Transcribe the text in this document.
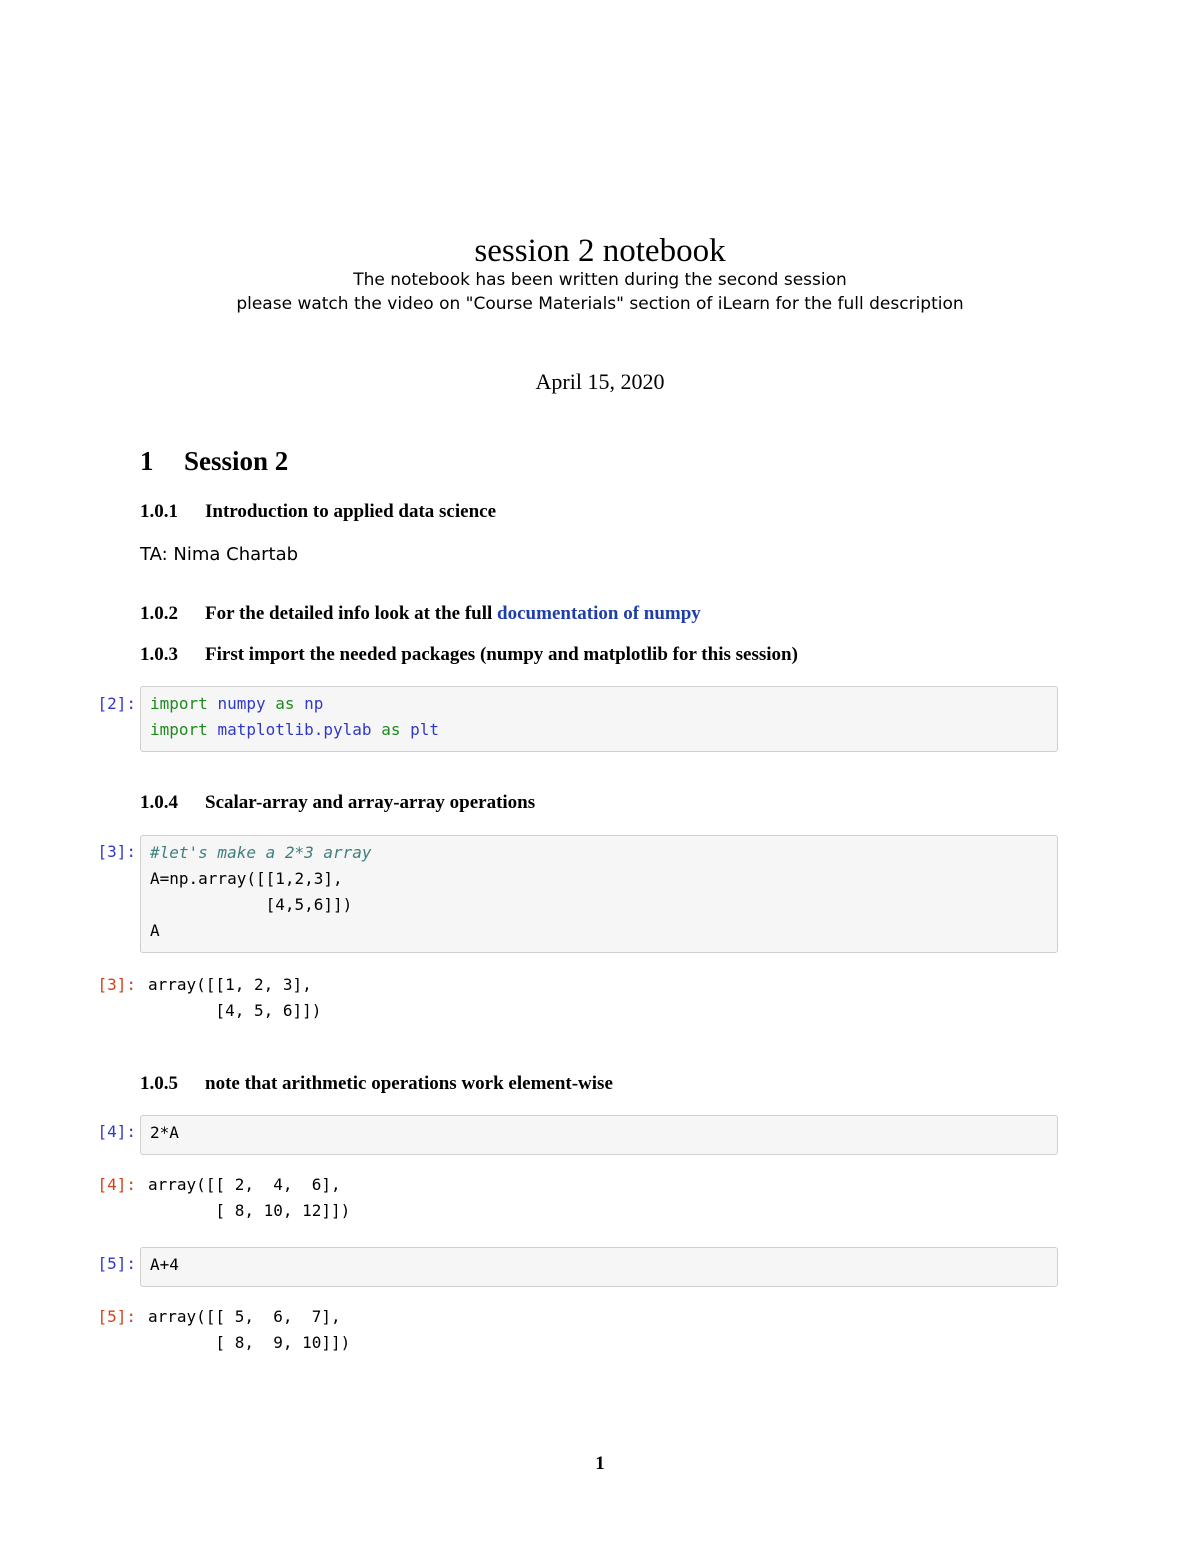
session 2 notebook
The notebook has been written during the second session
please watch the video on "Course Materials" section of iLearn for the full description
April 15, 2020
1 Session 2
1.0.1 Introduction to applied data science
TA: Nima Chartab
1.0.2 For the detailed info look at the full documentation of numpy
1.0.3 First import the needed packages (numpy and matplotlib for this session)
[2]: import numpy as np
import matplotlib.pylab as plt
1.0.4 Scalar-array and array-array operations
[3]: #let's make a 2*3 array
A=np.array([[1,2,3],
[4,5,6]])
A
[3]: array([[1, 2, 3],
[4, 5, 6]])
1.0.5 note that arithmetic operations work element-wise
[4]: 2*A
[4]: array([[ 2,  4,  6],
[ 8, 10, 12]])
[5]: A+4
[5]: array([[ 5,  6,  7],
[ 8,  9, 10]])
1
